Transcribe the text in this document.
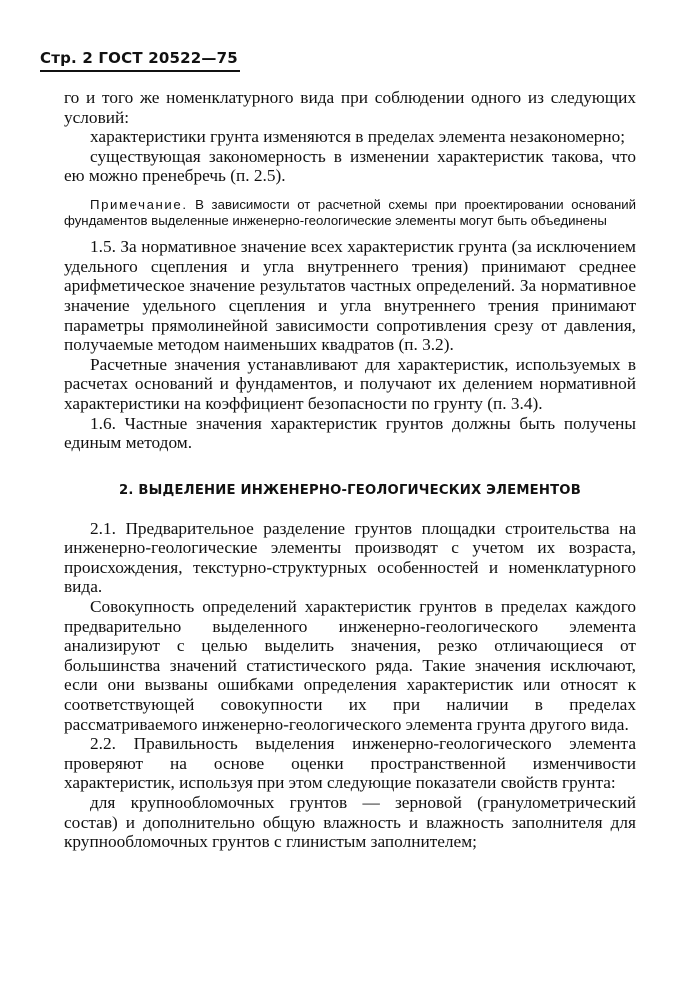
Стр. 2 ГОСТ 20522—75

го и того же номенклатурного вида при соблюдении одного из следующих условий:

характеристики грунта изменяются в пределах элемента незакономерно;

существующая закономерность в изменении характеристик такова, что ею можно пренебречь (п. 2.5).

Примечание. В зависимости от расчетной схемы при проектировании оснований фундаментов выделенные инженерно-геологические элементы могут быть объединены

1.5. За нормативное значение всех характеристик грунта (за исключением удельного сцепления и угла внутреннего трения) принимают среднее арифметическое значение результатов частных определений. За нормативное значение удельного сцепления и угла внутреннего трения принимают параметры прямолинейной зависимости сопротивления срезу от давления, получаемые методом наименьших квадратов (п. 3.2).

Расчетные значения устанавливают для характеристик, используемых в расчетах оснований и фундаментов, и получают их делением нормативной характеристики на коэффициент безопасности по грунту (п. 3.4).

1.6. Частные значения характеристик грунтов должны быть получены единым методом.

2. ВЫДЕЛЕНИЕ ИНЖЕНЕРНО-ГЕОЛОГИЧЕСКИХ ЭЛЕМЕНТОВ

2.1. Предварительное разделение грунтов площадки строительства на инженерно-геологические элементы производят с учетом их возраста, происхождения, текстурно-структурных особенностей и номенклатурного вида.

Совокупность определений характеристик грунтов в пределах каждого предварительно выделенного инженерно-геологического элемента анализируют с целью выделить значения, резко отличающиеся от большинства значений статистического ряда. Такие значения исключают, если они вызваны ошибками определения характеристик или относят к соответствующей совокупности их при наличии в пределах рассматриваемого инженерно-геологического элемента грунта другого вида.

2.2. Правильность выделения инженерно-геологического элемента проверяют на основе оценки пространственной изменчивости характеристик, используя при этом следующие показатели свойств грунта:

для крупнообломочных грунтов — зерновой (гранулометрический состав) и дополнительно общую влажность и влажность заполнителя для крупнообломочных грунтов с глинистым заполнителем;
